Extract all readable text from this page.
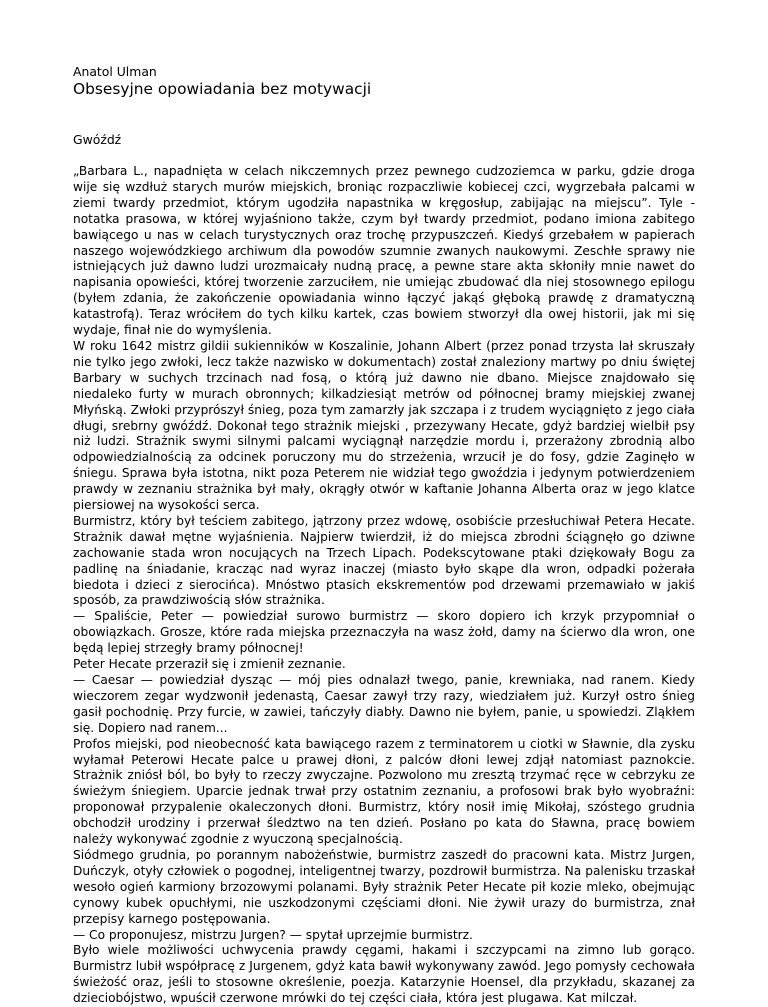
Anatol Ulman
Obsesyjne opowiadania bez motywacji
Gwóźdź

„Barbara L., napadnięta w celach nikczemnych przez pewnego cudzoziemca w parku, gdzie droga wije się wzdłuż starych murów miejskich, broniąc rozpaczliwie kobiecej czci, wygrzebała palcami w ziemi twardy przedmiot, którym ugodziła napastnika w kręgosłup, zabijając na miejscu”. Tyle - notatka prasowa, w której wyjaśniono także, czym był twardy przedmiot, podano imiona zabitego bawiącego u nas w celach turystycznych oraz trochę przypuszczeń. Kiedyś grzebałem w papierach naszego wojewódzkiego archiwum dla powodów szumnie zwanych naukowymi. Zeschłe sprawy nie istniejących już dawno ludzi urozmaicały nudną pracę, a pewne stare akta skłoniły mnie nawet do napisania opowieści, której tworzenie zarzuciłem, nie umiejąc zbudować dla niej stosownego epilogu (byłem zdania, że zakończenie opowiadania winno łączyć jakąś głęboką prawdę z dramatyczną katastrofą). Teraz wróciłem do tych kilku kartek, czas bowiem stworzył dla owej historii, jak mi się wydaje, finał nie do wymyślenia.

W roku 1642 mistrz gildii sukienników w Koszalinie, Johann Albert (przez ponad trzysta lał skruszały nie tylko jego zwłoki, lecz także nazwisko w dokumentach) został znaleziony martwy po dniu świętej Barbary w suchych trzcinach nad fosą, o którą już dawno nie dbano. Miejsce znajdowało się niedaleko furty w murach obronnych; kilkadziesiąt metrów od północnej bramy miejskiej zwanej Młyńską. Zwłoki przyprószył śnieg, poza tym zamarzły jak szczapa i z trudem wyciągnięto z jego ciała długi, srebrny gwóźdź. Dokonał tego strażnik miejski , przezywany Hecate, gdyż bardziej wielbił psy niż ludzi. Strażnik swymi silnymi palcami wyciągnął narzędzie mordu i, przerażony zbrodnią albo odpowiedzialnością za odcinek poruczony mu do strzeżenia, wrzucił je do fosy, gdzie Zaginęło w śniegu. Sprawa była istotna, nikt poza Peterem nie widział tego gwoździa i jedynym potwierdzeniem prawdy w zeznaniu strażnika był mały, okrągły otwór w kaftanie Johanna Alberta oraz w jego klatce piersiowej na wysokości serca.

Burmistrz, który był teściem zabitego, jątrzony przez wdowę, osobiście przesłuchiwał Petera Hecate. Strażnik dawał mętne wyjaśnienia. Najpierw twierdził, iż do miejsca zbrodni ściągnęło go dziwne zachowanie stada wron nocujących na Trzech Lipach. Podekscytowane ptaki dziękowały Bogu za padlinę na śniadanie, kracząc nad wyraz inaczej (miasto było skąpe dla wron, odpadki pożerała biedota i dzieci z sierocińca). Mnóstwo ptasich ekskrementów pod drzewami przemawiało w jakiś sposób, za prawdziwością słów strażnika.

— Spaliście, Peter — powiedział surowo burmistrz — skoro dopiero ich krzyk przypomniał o obowiązkach. Grosze, które rada miejska przeznaczyła na wasz żołd, damy na ścierwo dla wron, one będą lepiej strzegły bramy północnej!

Peter Hecate przeraził się i zmienił zeznanie.

— Caesar — powiedział dysząc — mój pies odnalazł twego, panie, krewniaka, nad ranem. Kiedy wieczorem zegar wydzwonił jedenastą, Caesar zawył trzy razy, wiedziałem już. Kurzył ostro śnieg gasił pochodnię. Przy furcie, w zawiei, tańczyły diabły. Dawno nie byłem, panie, u spowiedzi. Zląkłem się. Dopiero nad ranem...

Profos miejski, pod nieobecność kata bawiącego razem z terminatorem u ciotki w Sławnie, dla zysku wyłamał Peterowi Hecate palce u prawej dłoni, z palców dłoni lewej zdjął natomiast paznokcie. Strażnik zniósł ból, bo były to rzeczy zwyczajne. Pozwolono mu zresztą trzymać ręce w cebrzyku ze świeżym śniegiem. Uparcie jednak trwał przy ostatnim zeznaniu, a profosowi brak było wyobraźni: proponował przypalenie okaleczonych dłoni. Burmistrz, który nosił imię Mikołaj, szóstego grudnia obchodził urodziny i przerwał śledztwo na ten dzień. Posłano po kata do Sławna, pracę bowiem należy wykonywać zgodnie z wyuczoną specjalnością.

Siódmego grudnia, po porannym nabożeństwie, burmistrz zaszedł do pracowni kata. Mistrz Jurgen, Duńczyk, otyły człowiek o pogodnej, inteligentnej twarzy, pozdrowił burmistrza. Na palenisku trzaskał wesoło ogień karmiony brzozowymi polanami. Były strażnik Peter Hecate pił kozie mleko, obejmując cynowy kubek opuchłymi, nie uszkodzonymi częściami dłoni. Nie żywił urazy do burmistrza, znał przepisy karnego postępowania.

— Co proponujesz, mistrzu Jurgen? — spytał uprzejmie burmistrz.

Było wiele możliwości uchwycenia prawdy cęgami, hakami i szczypcami na zimno lub gorąco. Burmistrz lubił współpracę z Jurgenem, gdyż kata bawił wykonywany zawód. Jego pomysły cechowała świeżość oraz, jeśli to stosowne określenie, poezja. Katarzynie Hoensel, dla przykładu, skazanej za dzieciobójstwo, wpuścił czerwone mrówki do tej części ciała, która jest plugawa. Kat milczał.
